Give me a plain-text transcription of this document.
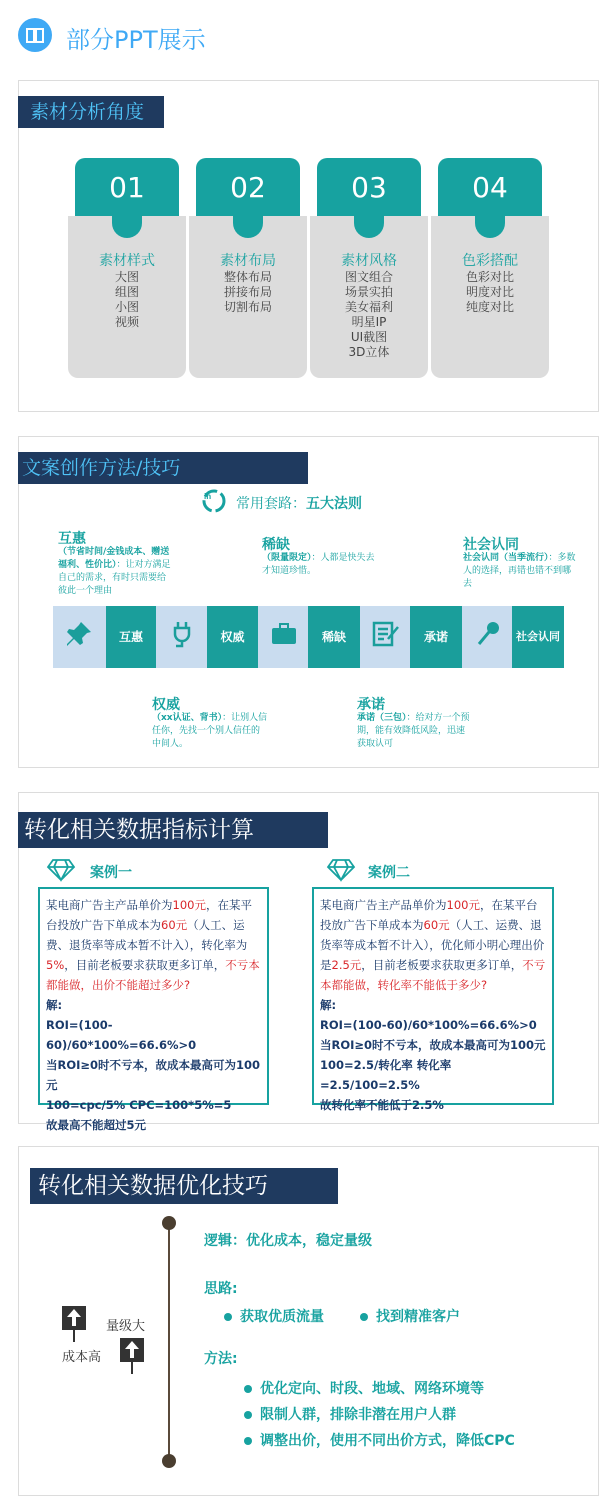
部分PPT展示
素材分析角度
素材样式
大图
组图
小图
视频
01
素材布局
整体布局
拼接布局
切割布局
02
素材风格
图文组合
场景实拍
美女福利
明星IP
UI截图
3D立体
03
色彩搭配
色彩对比
明度对比
纯度对比
04
文案创作方法/技巧
in 常用套路：五大法则
互惠
（节省时间/金钱成本、赠送福利、性价比）：让对方满足自己的需求，有时只需要给彼此一个理由
稀缺
（限量限定）：人都是快失去才知道珍惜。
社会认同
社会认同（当季流行）：多数人的选择，再错也错不到哪去
互惠	权威	稀缺	承诺	社会认同
权威
（xx认证、背书）：让别人信任你，先找一个别人信任的中间人。
承诺
承诺（三包）：给对方一个预期，能有效降低风险，迅速获取认可
转化相关数据指标计算
案例一
某电商广告主产品单价为100元，在某平台投放广告下单成本为60元（人工、运费、退货率等成本暂不计入），转化率为5%，目前老板要求获取更多订单，不亏本都能做，出价不能超过多少?
解:
ROI=(100-60)/60*100%=66.6%>0
当ROI≥0时不亏本，故成本最高可为100元
100=cpc/5% CPC=100*5%=5
故最高不能超过5元
案例二
某电商广告主产品单价为100元，在某平台投放广告下单成本为60元（人工、运费、退货率等成本暂不计入），优化师小明心理出价是2.5元，目前老板要求获取更多订单，不亏本都能做，转化率不能低于多少?
解:
ROI=(100-60)/60*100%=66.6%>0
当ROI≥0时不亏本，故成本最高可为100元
100=2.5/转化率 转化率=2.5/100=2.5%
故转化率不能低于2.5%
转化相关数据优化技巧
量级大
成本高
逻辑：优化成本，稳定量级
思路:
获取优质流量	找到精准客户
方法:
优化定向、时段、地域、网络环境等
限制人群，排除非潜在用户人群
调整出价，使用不同出价方式，降低CPC
